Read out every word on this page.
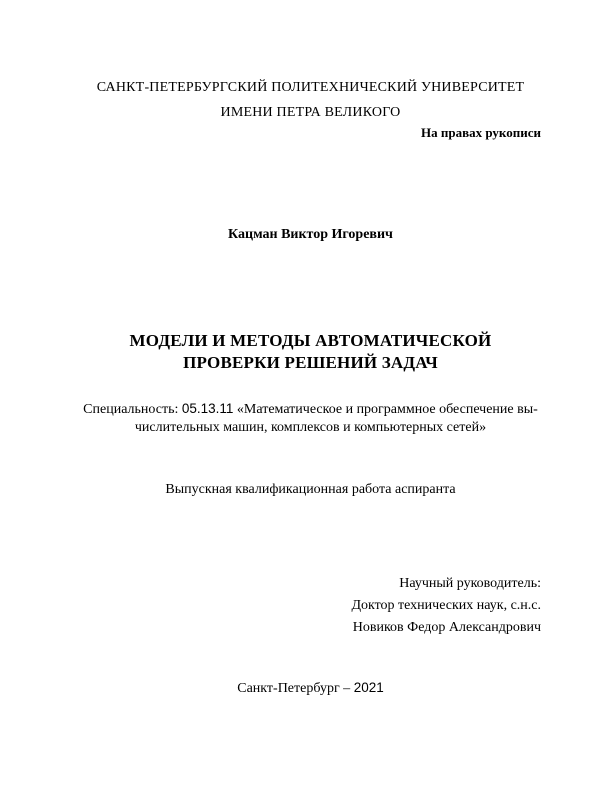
САНКТ-ПЕТЕРБУРГСКИЙ ПОЛИТЕХНИЧЕСКИЙ УНИВЕРСИТЕТ
ИМЕНИ ПЕТРА ВЕЛИКОГО
На правах рукописи
Кацман Виктор Игоревич
МОДЕЛИ И МЕТОДЫ АВТОМАТИЧЕСКОЙ
ПРОВЕРКИ РЕШЕНИЙ ЗАДАЧ
Специальность: 05.13.11 «Математическое и программное обеспечение вы-
числительных машин, комплексов и компьютерных сетей»
Выпускная квалификационная работа аспиранта
Научный руководитель:
Доктор технических наук, с.н.с.
Новиков Федор Александрович
Санкт-Петербург – 2021
